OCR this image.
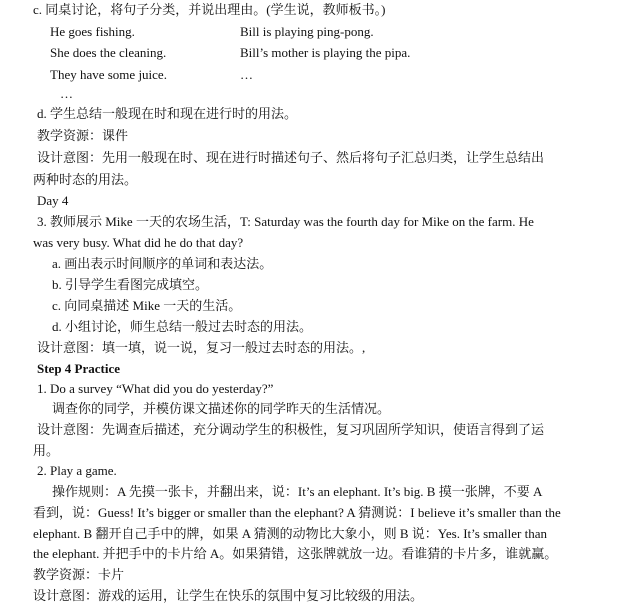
c. 同桌讨论，将句子分类，并说出理由。(学生说，教师板书。)
He goes fishing.	Bill is playing ping-pong.
She does the cleaning.	Bill’s mother is playing the pipa.
They have some juice.	…
…
d. 学生总结一般现在时和现在进行时的用法。
教学资源：课件
设计意图：先用一般现在时、现在进行时描述句子、然后将句子汇总归类，让学生总结出
两种时态的用法。
Day 4
3. 教师展示 Mike 一天的农场生活，T: Saturday was the fourth day for Mike on the farm. He
was very busy. What did he do that day?
a. 画出表示时间顺序的单词和表达法。
b. 引导学生看图完成填空。
c. 向同桌描述 Mike 一天的生活。
d. 小组讨论，师生总结一般过去时态的用法。
设计意图：填一填，说一说，复习一般过去时态的用法。,
Step 4 Practice
1. Do a survey “What did you do yesterday?”
调查你的同学，并模仿课文描述你的同学昨天的生活情况。
设计意图：先调查后描述，充分调动学生的积极性，复习巩固所学知识，使语言得到了运
用。
2. Play a game.
操作规则：A 先摸一张卡，并翻出来，说：It’s an elephant. It’s big. B 摸一张牌，不要 A
看到，说：Guess! It’s bigger or smaller than the elephant? A 猜测说：I believe it’s smaller than the
elephant. B 翻开自己手中的牌，如果 A 猜测的动物比大象小，则 B 说：Yes. It’s smaller than
the elephant. 并把手中的卡片给 A。如果猜错，这张牌就放一边。看谁猜的卡片多，谁就赢。
教学资源：卡片
设计意图：游戏的运用，让学生在快乐的氛围中复习比较级的用法。
